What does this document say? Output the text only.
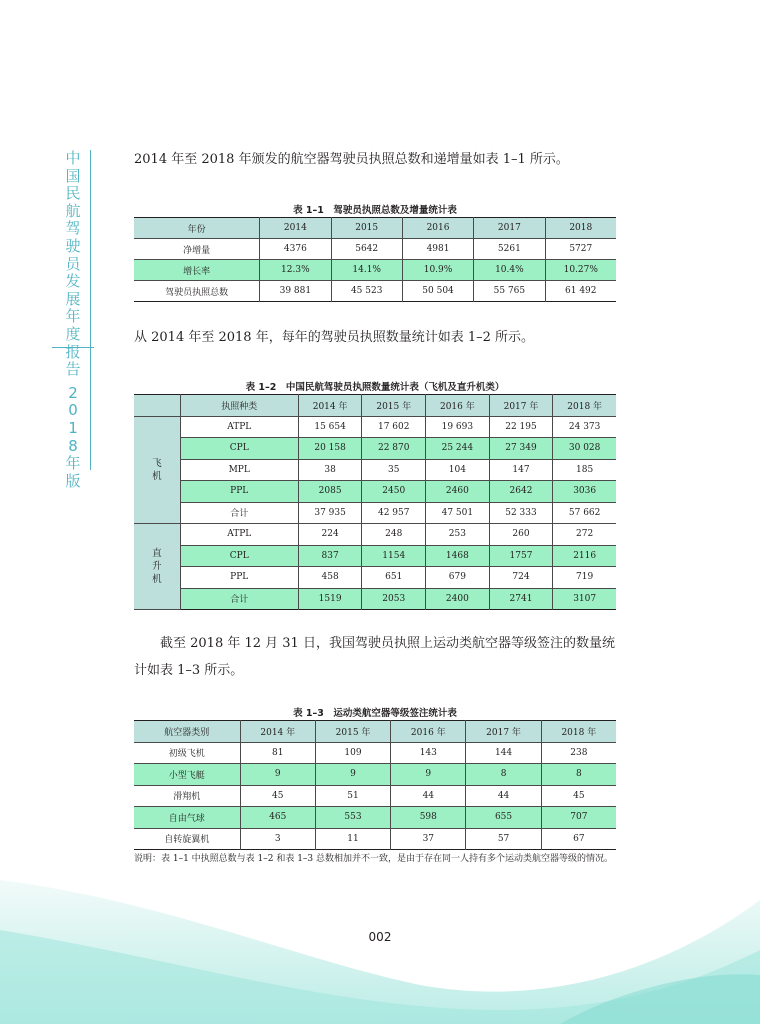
中
国
民
航
驾
驶
员
发
展
年
度
报
告
2
0
1
8
年
版
2014 年至 2018 年颁发的航空器驾驶员执照总数和递增量如表 1–1 所示。
表 1–1　驾驶员执照总数及增量统计表
年份	2014	2015	2016	2017	2018
净增量	4376	5642	4981	5261	5727
增长率	12.3%	14.1%	10.9%	10.4%	10.27%
驾驶员执照总数	39 881	45 523	50 504	55 765	61 492
从 2014 年至 2018 年，每年的驾驶员执照数量统计如表 1–2 所示。
表 1–2　中国民航驾驶员执照数量统计表（飞机及直升机类）
	执照种类	2014 年	2015 年	2016 年	2017 年	2018 年

飞
机	ATPL	15 654	17 602	19 693	22 195	24 373
	CPL	20 158	22 870	25 244	27 349	30 028
	MPL	38	35	104	147	185
	PPL	2085	2450	2460	2642	3036
	合计	37 935	42 957	47 501	52 333	57 662

直
升
机	ATPL	224	248	253	260	272
	CPL	837	1154	1468	1757	2116
	PPL	458	651	679	724	719
	合计	1519	2053	2400	2741	3107
截至 2018 年 12 月 31 日，我国驾驶员执照上运动类航空器等级签注的数量统计如表 1–3 所示。
表 1–3　运动类航空器等级签注统计表
航空器类别	2014 年	2015 年	2016 年	2017 年	2018 年
初级飞机	81	109	143	144	238
小型飞艇	9	9	9	8	8
滑翔机	45	51	44	44	45
自由气球	465	553	598	655	707
自转旋翼机	3	11	37	57	67
说明：表 1–1 中执照总数与表 1–2 和表 1–3 总数相加并不一致，是由于存在同一人持有多个运动类航空器等级的情况。
002
